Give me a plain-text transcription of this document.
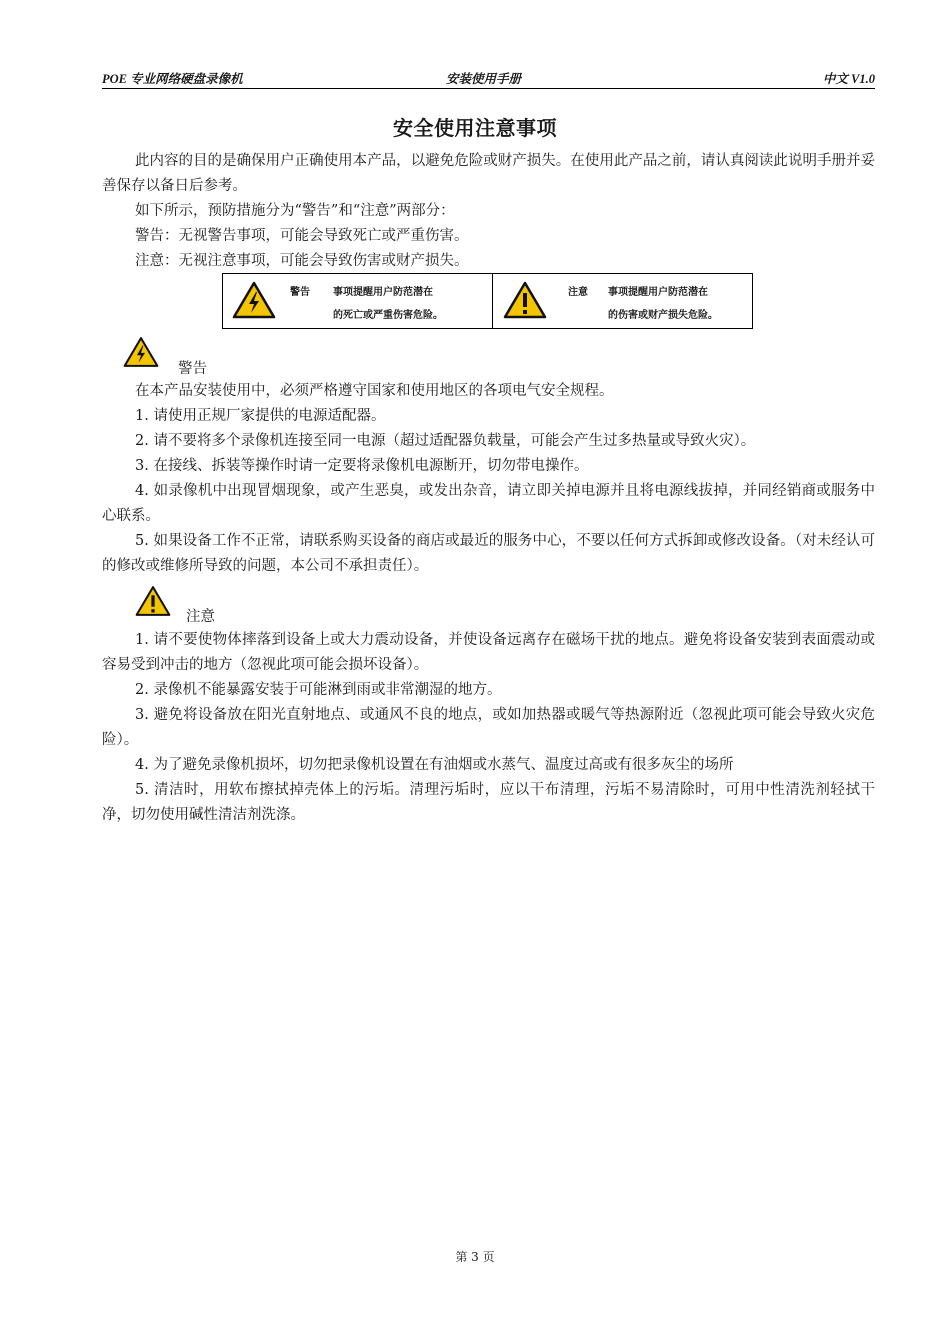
POE 专业网络硬盘录像机	安装使用手册	中文 V1.0
安全使用注意事项
此内容的目的是确保用户正确使用本产品，以避免危险或财产损失。在使用此产品之前，请认真阅读此说明手册并妥善保存以备日后参考。
如下所示，预防措施分为“警告”和“注意”两部分：
警告：无视警告事项，可能会导致死亡或严重伤害。
注意：无视注意事项，可能会导致伤害或财产损失。
警告 事项提醒用户防范潜在
的死亡或严重伤害危险。
注意 事项提醒用户防范潜在
的伤害或财产损失危险。
警告
在本产品安装使用中，必须严格遵守国家和使用地区的各项电气安全规程。
1. 请使用正规厂家提供的电源适配器。
2. 请不要将多个录像机连接至同一电源（超过适配器负载量，可能会产生过多热量或导致火灾）。
3. 在接线、拆装等操作时请一定要将录像机电源断开，切勿带电操作。
4. 如录像机中出现冒烟现象，或产生恶臭，或发出杂音，请立即关掉电源并且将电源线拔掉，并同经销商或服务中心联系。
5. 如果设备工作不正常，请联系购买设备的商店或最近的服务中心，不要以任何方式拆卸或修改设备。（对未经认可的修改或维修所导致的问题，本公司不承担责任）。
注意
1. 请不要使物体摔落到设备上或大力震动设备，并使设备远离存在磁场干扰的地点。避免将设备安装到表面震动或容易受到冲击的地方（忽视此项可能会损坏设备）。
2. 录像机不能暴露安装于可能淋到雨或非常潮湿的地方。
3. 避免将设备放在阳光直射地点、或通风不良的地点，或如加热器或暖气等热源附近（忽视此项可能会导致火灾危险）。
4. 为了避免录像机损坏，切勿把录像机设置在有油烟或水蒸气、温度过高或有很多灰尘的场所
5. 清洁时，用软布擦拭掉壳体上的污垢。清理污垢时，应以干布清理，污垢不易清除时，可用中性清洗剂轻拭干净，切勿使用碱性清洁剂洗涤。
第 3 页
